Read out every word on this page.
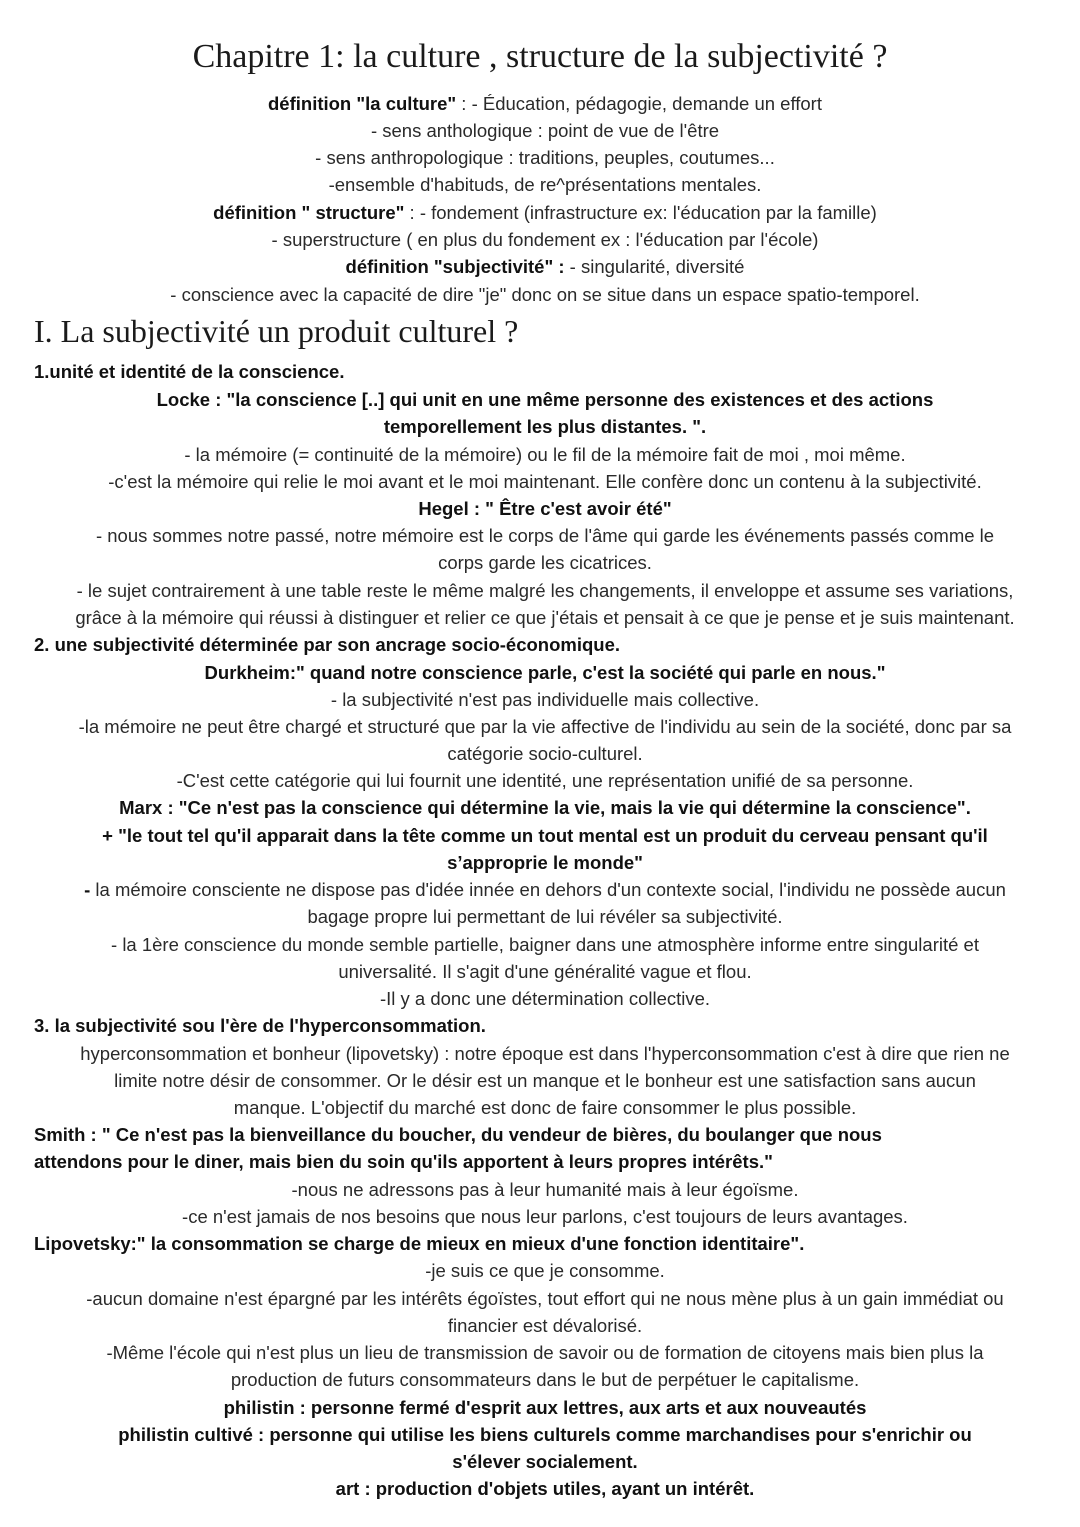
Chapitre 1: la culture , structure de la subjectivité ?
définition "la culture" : - Éducation, pédagogie, demande un effort
- sens anthologique : point de vue de l'être
- sens anthropologique : traditions, peuples, coutumes...
-ensemble d'habituds, de re^présentations mentales.
définition " structure" : - fondement (infrastructure ex: l'éducation par la famille)
- superstructure ( en plus du fondement ex : l'éducation par l'école)
définition "subjectivité" : - singularité, diversité
- conscience avec la capacité de dire "je" donc on se situe dans un espace spatio-temporel.
I. La subjectivité un produit culturel ?
1.unité et identité de la conscience.
Locke : "la conscience [..] qui unit en une même personne des existences et des actions
temporellement les plus distantes. ".
- la mémoire (= continuité de la mémoire) ou le fil de la mémoire fait de moi , moi même.
-c'est la mémoire qui relie le moi avant et le moi maintenant. Elle confère donc un contenu à la subjectivité.
Hegel : " Être c'est avoir été"
- nous sommes notre passé, notre mémoire est le corps de l'âme qui garde les événements passés comme le
corps garde les cicatrices.
- le sujet contrairement à une table reste le même malgré les changements, il enveloppe et assume ses variations,
grâce à la mémoire qui réussi à distinguer et relier ce que j'étais et pensait à ce que je pense et je suis maintenant.
2. une subjectivité déterminée par son ancrage socio-économique.
Durkheim:" quand notre conscience parle, c'est la société qui parle en nous."
- la subjectivité n'est pas individuelle mais collective.
-la mémoire ne peut être chargé et structuré que par la vie affective de l'individu au sein de la société, donc par sa
catégorie socio-culturel.
-C'est cette catégorie qui lui fournit une identité, une représentation unifié de sa personne.
Marx : "Ce n'est pas la conscience qui détermine la vie, mais la vie qui détermine la conscience".
+ "le tout tel qu'il apparait dans la tête comme un tout mental est un produit du cerveau pensant qu'il
s’approprie le monde"
- la mémoire consciente ne dispose pas d'idée innée en dehors d'un contexte social, l'individu ne possède aucun
bagage propre lui permettant de lui révéler sa subjectivité.
- la 1ère conscience du monde semble partielle, baigner dans une atmosphère informe entre singularité et
universalité. Il s'agit d'une généralité vague et flou.
-Il y a donc une détermination collective.
3. la subjectivité sou l'ère de l'hyperconsommation.
hyperconsommation et bonheur (lipovetsky) : notre époque est dans l'hyperconsommation c'est à dire que rien ne
limite notre désir de consommer. Or le désir est un manque et le bonheur est une satisfaction sans aucun
manque. L'objectif du marché est donc de faire consommer le plus possible.
Smith : " Ce n'est pas la bienveillance du boucher, du vendeur de bières, du boulanger que nous
attendons pour le diner, mais bien du soin qu'ils apportent à leurs propres intérêts."
-nous ne adressons pas à leur humanité mais à leur égoïsme.
-ce n'est jamais de nos besoins que nous leur parlons, c'est toujours de leurs avantages.
Lipovetsky:" la consommation se charge de mieux en mieux d'une fonction identitaire".
-je suis ce que je consomme.
-aucun domaine n'est épargné par les intérêts égoïstes, tout effort qui ne nous mène plus à un gain immédiat ou
financier est dévalorisé.
-Même l'école qui n'est plus un lieu de transmission de savoir ou de formation de citoyens mais bien plus la
production de futurs consommateurs dans le but de perpétuer le capitalisme.
philistin : personne fermé d'esprit aux lettres, aux arts et aux nouveautés
philistin cultivé : personne qui utilise les biens culturels comme marchandises pour s'enrichir ou
s'élever socialement.
art : production d'objets utiles, ayant un intérêt.
